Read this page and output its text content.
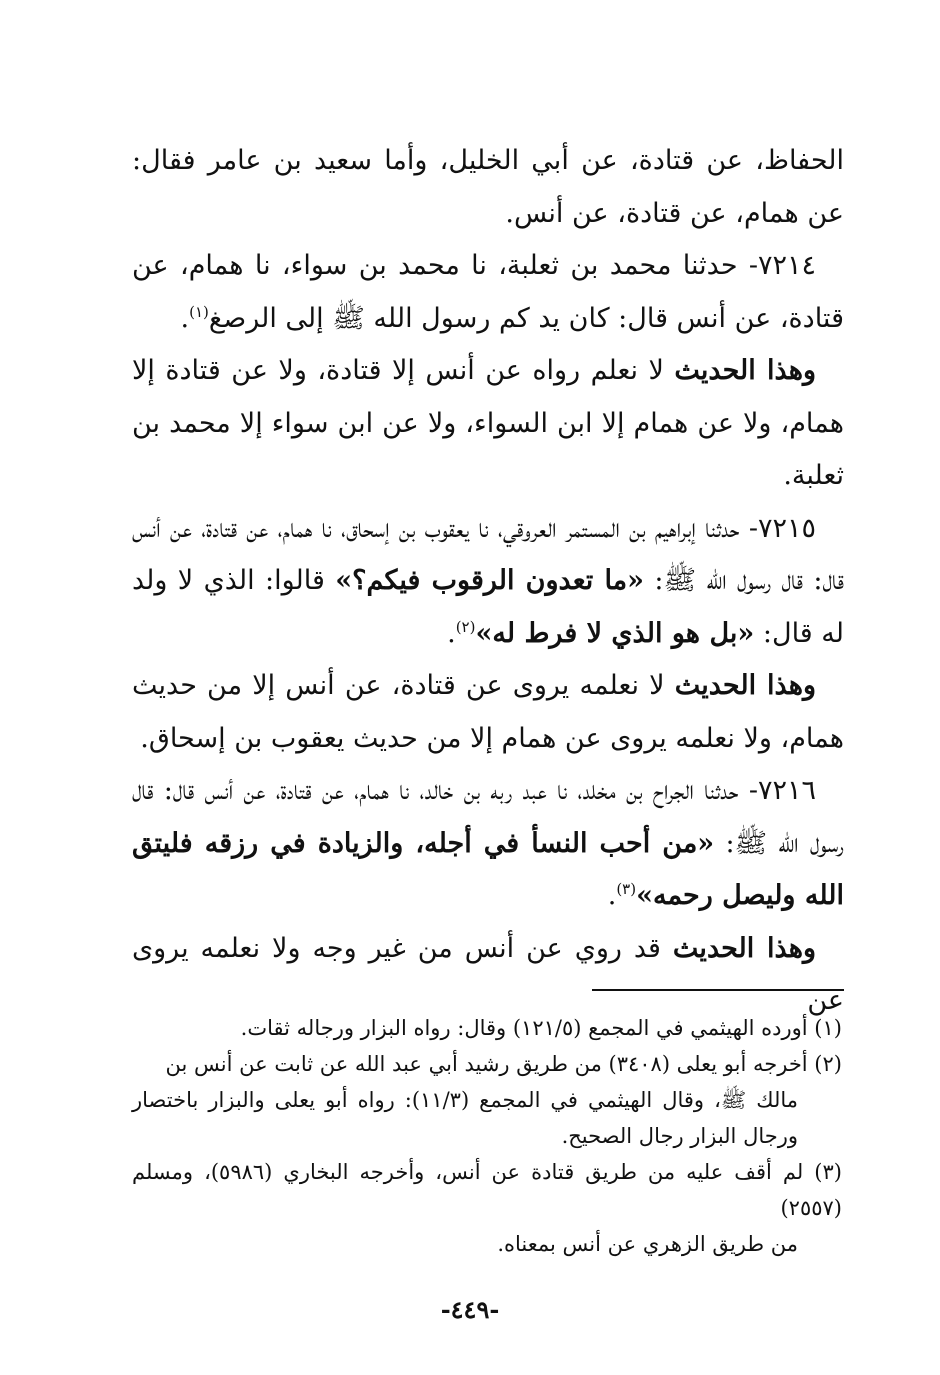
الحفاظ، عن قتادة، عن أبي الخليل، وأما سعيد بن عامر فقال: عن همام، عن قتادة، عن أنس.

٧٢١٤- حدثنا محمد بن ثعلبة، نا محمد بن سواء، نا همام، عن قتادة، عن أنس قال: كان يد كم رسول الله ﷺ إلى الرصغ$^{(١)}$.

وهذا الحديث لا نعلم رواه عن أنس إلا قتادة، ولا عن قتادة إلا همام، ولا عن همام إلا ابن السواء، ولا عن ابن سواء إلا محمد بن ثعلبة.

٧٢١٥- حدثنا إبراهيم بن المستمر العروقي، نا يعقوب بن إسحاق، نا همام، عن قتادة، عن أنس قال: قال رسول الله ﷺ: «ما تعدون الرقوب فيكم؟» قالوا: الذي لا ولد له قال: «بل هو الذي لا فرط له»$^{(٢)}$.

وهذا الحديث لا نعلمه يروى عن قتادة، عن أنس إلا من حديث همام، ولا نعلمه يروى عن همام إلا من حديث يعقوب بن إسحاق.

٧٢١٦- حدثنا الجراح بن مخلد، نا عبد ربه بن خالد، نا همام، عن قتادة، عن أنس قال: قال رسول الله ﷺ: «من أحب النسأ في أجله، والزيادة في رزقه فليتق الله وليصل رحمه»$^{(٣)}$.

وهذا الحديث قد روي عن أنس من غير وجه ولا نعلمه يروى عن

(١) أورده الهيثمي في المجمع (١٢١/٥) وقال: رواه البزار ورجاله ثقات.

(٢) أخرجه أبو يعلى (٣٤٠٨) من طريق رشيد أبي عبد الله عن ثابت عن أنس بن

مالك ﷺ، وقال الهيثمي في المجمع (١١/٣): رواه أبو يعلى والبزار باختصار ورجال البزار رجال الصحيح.

(٣) لم أقف عليه من طريق قتادة عن أنس، وأخرجه البخاري (٥٩٨٦)، ومسلم (٢٥٥٧)

من طريق الزهري عن أنس بمعناه.

-٤٤٩-
